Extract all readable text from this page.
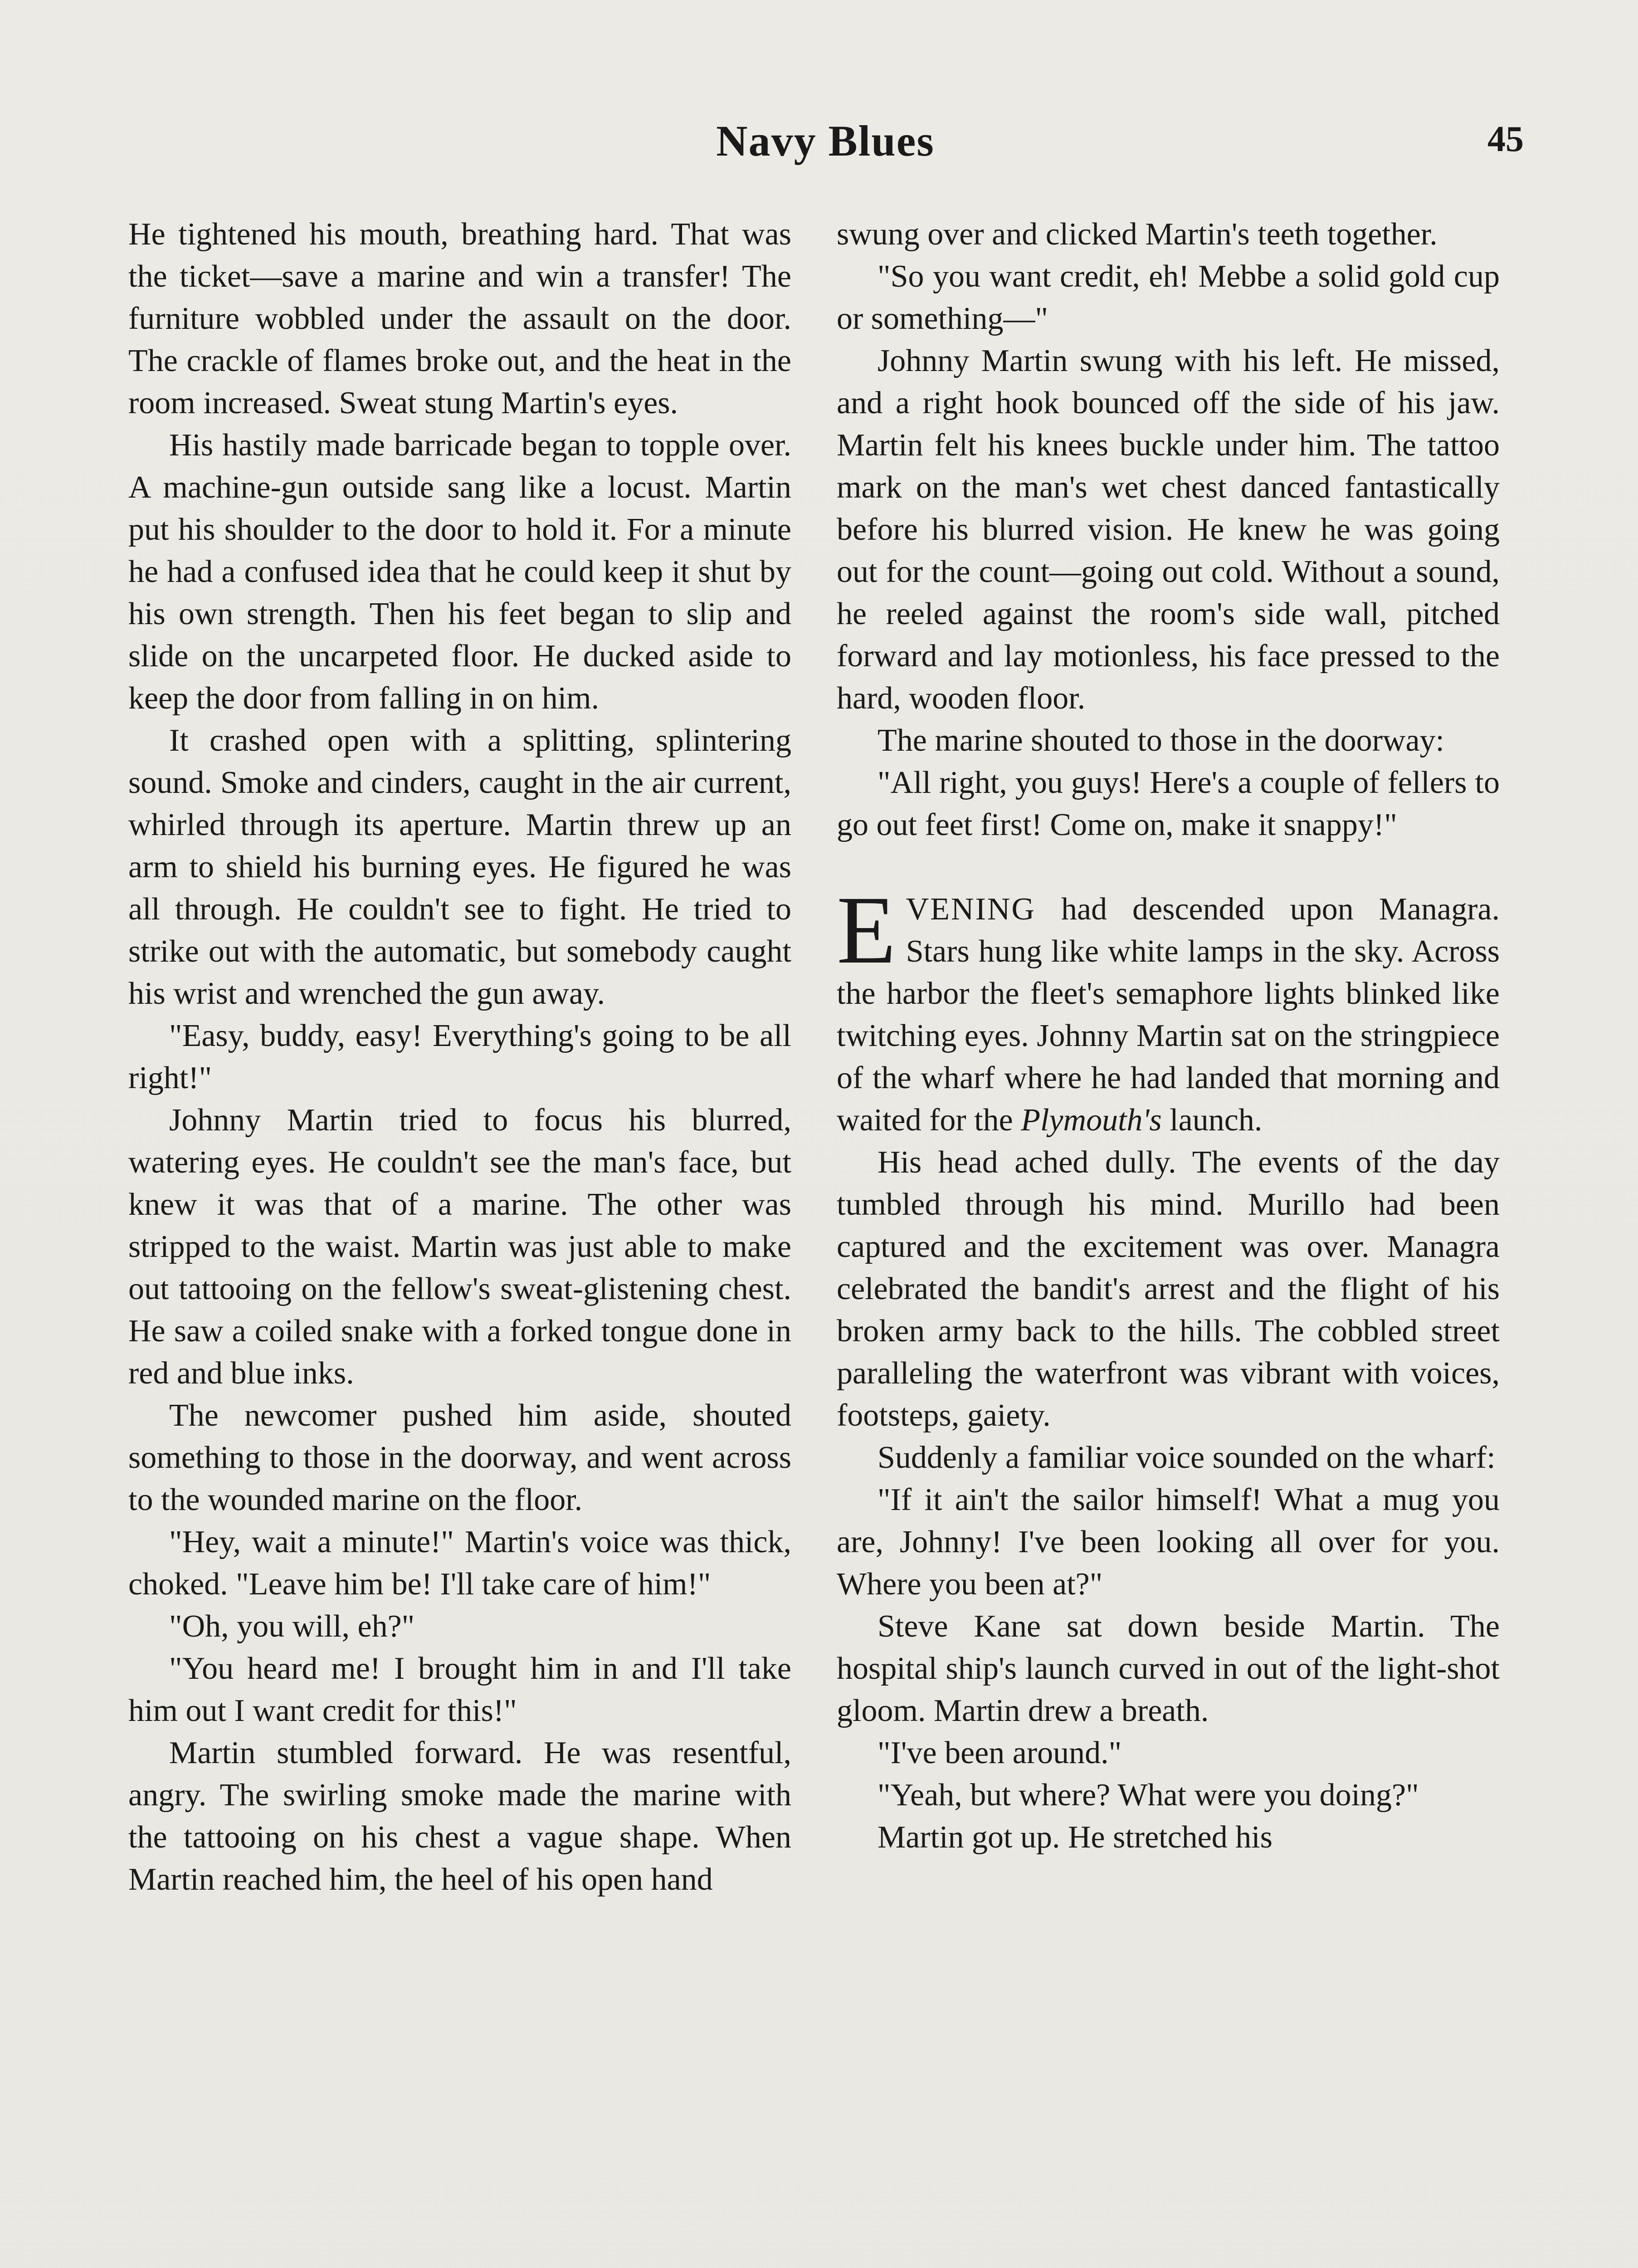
Navy Blues	45

He tightened his mouth, breathing hard. That was the ticket—save a marine and win a transfer! The furniture wobbled under the assault on the door. The crackle of flames broke out, and the heat in the room increased. Sweat stung Martin's eyes.

His hastily made barricade began to topple over. A machine-gun outside sang like a locust. Martin put his shoulder to the door to hold it. For a minute he had a confused idea that he could keep it shut by his own strength. Then his feet began to slip and slide on the uncarpeted floor. He ducked aside to keep the door from falling in on him.

It crashed open with a splitting, splintering sound. Smoke and cinders, caught in the air current, whirled through its aperture. Martin threw up an arm to shield his burning eyes. He figured he was all through. He couldn't see to fight. He tried to strike out with the automatic, but somebody caught his wrist and wrenched the gun away.

"Easy, buddy, easy! Everything's going to be all right!"

Johnny Martin tried to focus his blurred, watering eyes. He couldn't see the man's face, but knew it was that of a marine. The other was stripped to the waist. Martin was just able to make out tattooing on the fellow's sweat-glistening chest. He saw a coiled snake with a forked tongue done in red and blue inks.

The newcomer pushed him aside, shouted something to those in the doorway, and went across to the wounded marine on the floor.

"Hey, wait a minute!" Martin's voice was thick, choked. "Leave him be! I'll take care of him!"

"Oh, you will, eh?"

"You heard me! I brought him in and I'll take him out I want credit for this!"

Martin stumbled forward. He was resentful, angry. The swirling smoke made the marine with the tattooing on his chest a vague shape. When Martin reached him, the heel of his open hand

swung over and clicked Martin's teeth together.

"So you want credit, eh! Mebbe a solid gold cup or something—"

Johnny Martin swung with his left. He missed, and a right hook bounced off the side of his jaw. Martin felt his knees buckle under him. The tattoo mark on the man's wet chest danced fantastically before his blurred vision. He knew he was going out for the count—going out cold. Without a sound, he reeled against the room's side wall, pitched forward and lay motionless, his face pressed to the hard, wooden floor.

The marine shouted to those in the doorway:

"All right, you guys! Here's a couple of fellers to go out feet first! Come on, make it snappy!"

EVENING had descended upon Managra. Stars hung like white lamps in the sky. Across the harbor the fleet's semaphore lights blinked like twitching eyes. Johnny Martin sat on the stringpiece of the wharf where he had landed that morning and waited for the Plymouth's launch.

His head ached dully. The events of the day tumbled through his mind. Murillo had been captured and the excitement was over. Managra celebrated the bandit's arrest and the flight of his broken army back to the hills. The cobbled street paralleling the waterfront was vibrant with voices, footsteps, gaiety.

Suddenly a familiar voice sounded on the wharf:

"If it ain't the sailor himself! What a mug you are, Johnny! I've been looking all over for you. Where you been at?"

Steve Kane sat down beside Martin. The hospital ship's launch curved in out of the light-shot gloom. Martin drew a breath.

"I've been around."

"Yeah, but where? What were you doing?"

Martin got up. He stretched his
